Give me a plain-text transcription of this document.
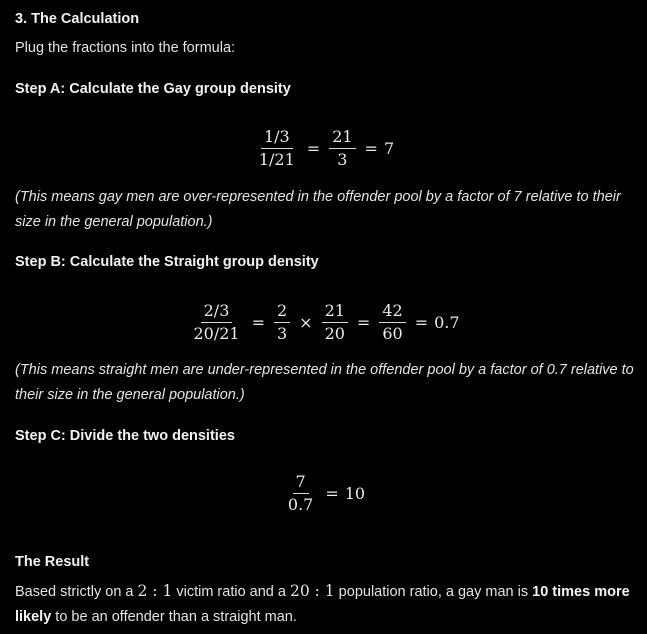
3. The Calculation
Plug the fractions into the formula:
Step A: Calculate the Gay group density
$\frac{1/3}{1/21} = \frac{21}{3} = 7$
(This means gay men are over-represented in the offender pool by a factor of 7 relative to their size in the general population.)
Step B: Calculate the Straight group density
$\frac{2/3}{20/21} = \frac{2}{3} \times \frac{21}{20} = \frac{42}{60} = 0.7$
(This means straight men are under-represented in the offender pool by a factor of 0.7 relative to their size in the general population.)
Step C: Divide the two densities
$\frac{7}{0.7} = 10$
The Result
Based strictly on a 2 : 1 victim ratio and a 20 : 1 population ratio, a gay man is 10 times more likely to be an offender than a straight man.
